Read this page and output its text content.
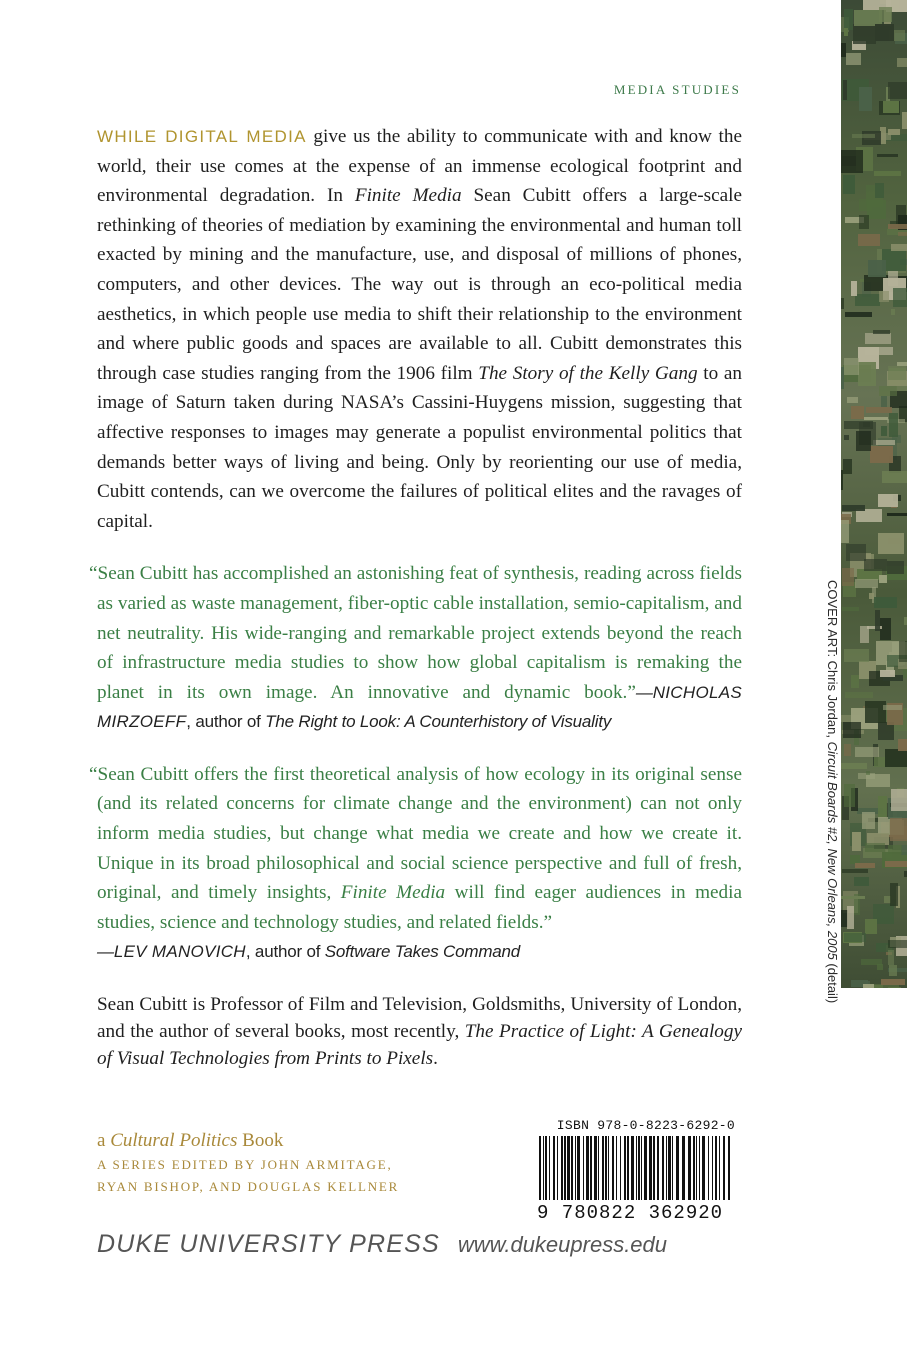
COVER ART: Chris Jordan, Circuit Boards #2, New Orleans, 2005 (detail)
MEDIA STUDIES

WHILE DIGITAL MEDIA give us the ability to communicate with and know the world, their use comes at the expense of an immense ecological footprint and environmental degradation. In Finite Media Sean Cubitt offers a large-scale rethinking of theories of mediation by examining the environmental and human toll exacted by mining and the manufacture, use, and disposal of millions of phones, computers, and other devices. The way out is through an eco-political media aesthetics, in which people use media to shift their relationship to the environment and where public goods and spaces are available to all. Cubitt demonstrates this through case studies ranging from the 1906 film The Story of the Kelly Gang to an image of Saturn taken during NASA’s Cassini-Huygens mission, suggesting that affective responses to images may generate a populist environmental politics that demands better ways of living and being. Only by reorienting our use of media, Cubitt contends, can we overcome the failures of political elites and the ravages of capital.

“Sean Cubitt has accomplished an astonishing feat of synthesis, reading across fields as varied as waste management, fiber-optic cable installation, semio-capitalism, and net neutrality. His wide-ranging and remarkable project extends beyond the reach of infrastructure media studies to show how global capitalism is remaking the planet in its own image. An innovative and dynamic book.”—NICHOLAS MIRZOEFF, author of The Right to Look: A Counterhistory of Visuality

“Sean Cubitt offers the first theoretical analysis of how ecology in its original sense (and its related concerns for climate change and the environment) can not only inform media studies, but change what media we create and how we create it. Unique in its broad philosophical and social science perspective and full of fresh, original, and timely insights, Finite Media will find eager audiences in media studies, science and technology studies, and related fields.”
—LEV MANOVICH, author of Software Takes Command

Sean Cubitt is Professor of Film and Television, Goldsmiths, University of London, and the author of several books, most recently, The Practice of Light: A Genealogy of Visual Technologies from Prints to Pixels.

a Cultural Politics Book
A SERIES EDITED BY JOHN ARMITAGE,
RYAN BISHOP, AND DOUGLAS KELLNER
ISBN 978-0-8223-6292-0
9 780822 362920
DUKE UNIVERSITY PRESS www.dukeupress.edu
